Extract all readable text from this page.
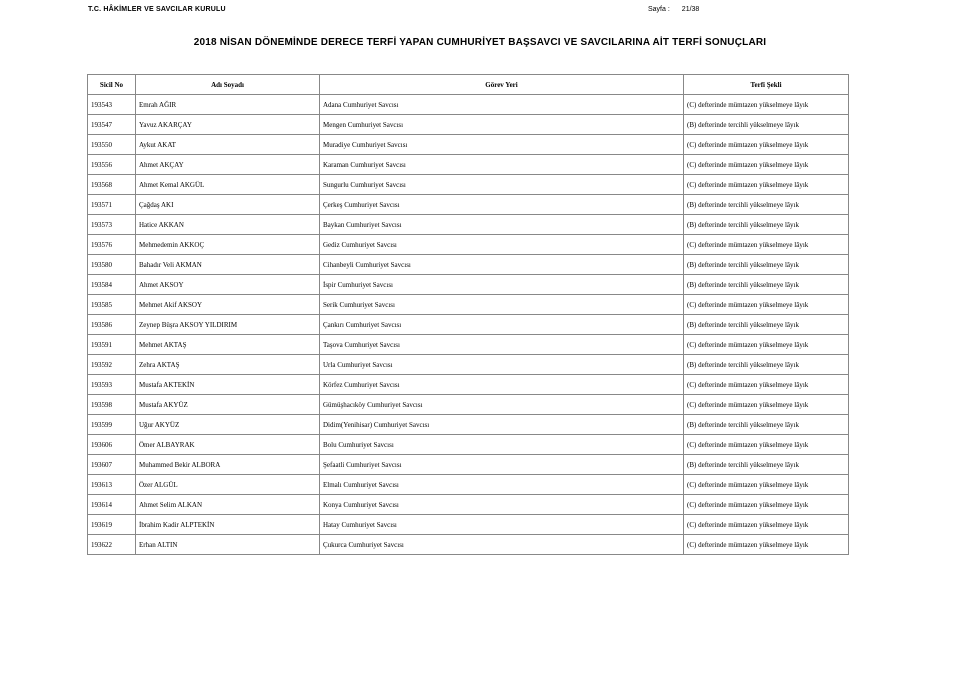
T.C. HÂKİMLER VE SAVCILAR KURULU	Sayfa : 21/38
2018 NİSAN DÖNEMİNDE DERECE TERFİ YAPAN CUMHURİYET BAŞSAVCI VE SAVCILARINA AİT TERFİ SONUÇLARI
Sicil No	Adı Soyadı	Görev Yeri	Terfi Şekli
193543	Emrah AĞIR	Adana Cumhuriyet Savcısı	(C) defterinde mümtazen yükselmeye lâyık
193547	Yavuz AKARÇAY	Mengen Cumhuriyet Savcısı	(B) defterinde tercihli yükselmeye lâyık
193550	Aykut AKAT	Muradiye Cumhuriyet Savcısı	(C) defterinde mümtazen yükselmeye lâyık
193556	Ahmet AKÇAY	Karaman Cumhuriyet Savcısı	(C) defterinde mümtazen yükselmeye lâyık
193568	Ahmet Kemal AKGÜL	Sungurlu Cumhuriyet Savcısı	(C) defterinde mümtazen yükselmeye lâyık
193571	Çağdaş AKI	Çerkeş Cumhuriyet Savcısı	(B) defterinde tercihli yükselmeye lâyık
193573	Hatice AKKAN	Baykan Cumhuriyet Savcısı	(B) defterinde tercihli yükselmeye lâyık
193576	Mehmedemin AKKOÇ	Gediz Cumhuriyet Savcısı	(C) defterinde mümtazen yükselmeye lâyık
193580	Bahadır Veli AKMAN	Cihanbeyli Cumhuriyet Savcısı	(B) defterinde tercihli yükselmeye lâyık
193584	Ahmet AKSOY	İspir Cumhuriyet Savcısı	(B) defterinde tercihli yükselmeye lâyık
193585	Mehmet Akif AKSOY	Serik Cumhuriyet Savcısı	(C) defterinde mümtazen yükselmeye lâyık
193586	Zeynep Büşra AKSOY YILDIRIM	Çankırı Cumhuriyet Savcısı	(B) defterinde tercihli yükselmeye lâyık
193591	Mehmet AKTAŞ	Taşova Cumhuriyet Savcısı	(C) defterinde mümtazen yükselmeye lâyık
193592	Zehra AKTAŞ	Urla Cumhuriyet Savcısı	(B) defterinde tercihli yükselmeye lâyık
193593	Mustafa AKTEKİN	Körfez Cumhuriyet Savcısı	(C) defterinde mümtazen yükselmeye lâyık
193598	Mustafa AKYÜZ	Gümüşhacıköy Cumhuriyet Savcısı	(C) defterinde mümtazen yükselmeye lâyık
193599	Uğur AKYÜZ	Didim(Yenihisar) Cumhuriyet Savcısı	(B) defterinde tercihli yükselmeye lâyık
193606	Ömer ALBAYRAK	Bolu Cumhuriyet Savcısı	(C) defterinde mümtazen yükselmeye lâyık
193607	Muhammed Bekir ALBORA	Şefaatli Cumhuriyet Savcısı	(B) defterinde tercihli yükselmeye lâyık
193613	Özer ALGÜL	Elmalı Cumhuriyet Savcısı	(C) defterinde mümtazen yükselmeye lâyık
193614	Ahmet Selim ALKAN	Konya Cumhuriyet Savcısı	(C) defterinde mümtazen yükselmeye lâyık
193619	İbrahim Kadir ALPTEKİN	Hatay Cumhuriyet Savcısı	(C) defterinde mümtazen yükselmeye lâyık
193622	Erhan ALTIN	Çukurca Cumhuriyet Savcısı	(C) defterinde mümtazen yükselmeye lâyık
